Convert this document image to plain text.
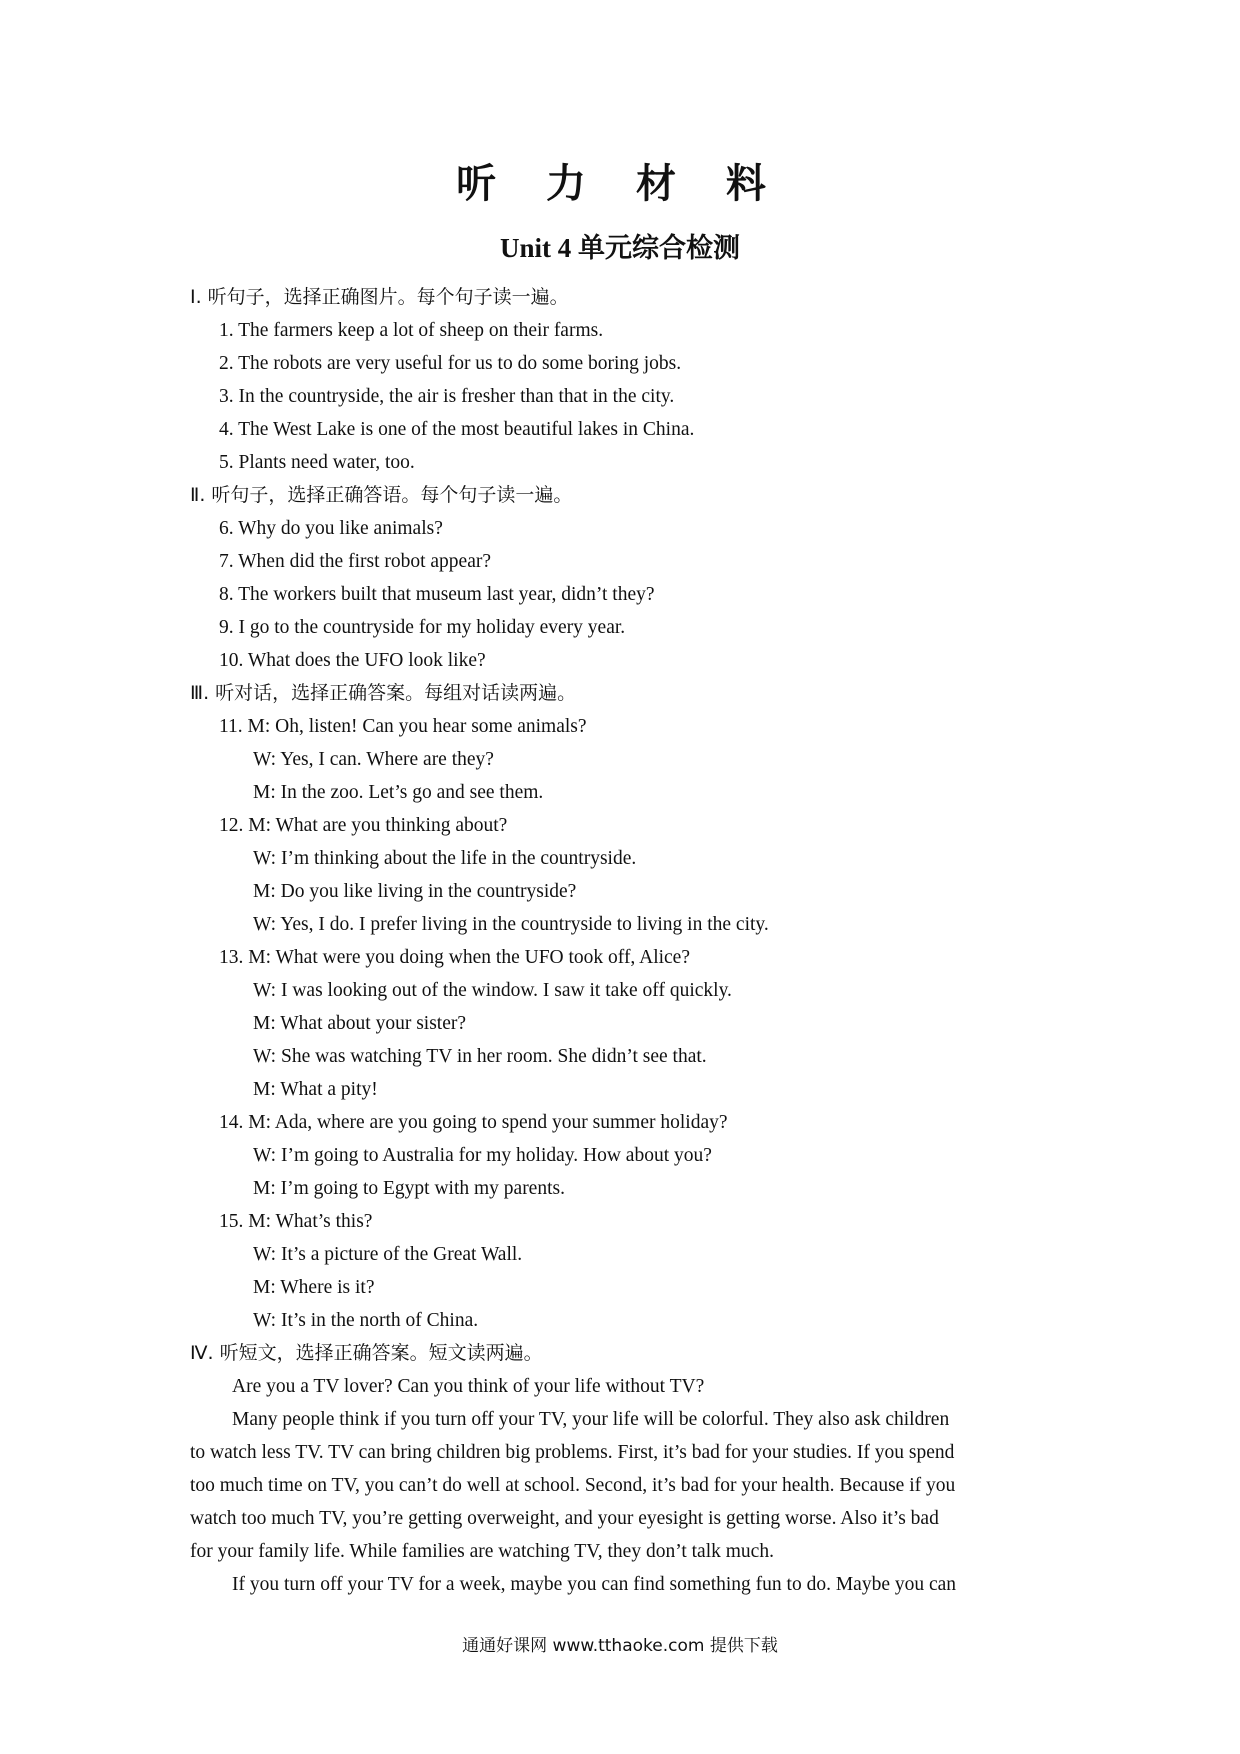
听 力 材 料
Unit 4 单元综合检测
Ⅰ. 听句子，选择正确图片。每个句子读一遍。
1. The farmers keep a lot of sheep on their farms.
2. The robots are very useful for us to do some boring jobs.
3. In the countryside, the air is fresher than that in the city.
4. The West Lake is one of the most beautiful lakes in China.
5. Plants need water, too.
Ⅱ. 听句子，选择正确答语。每个句子读一遍。
6. Why do you like animals?
7. When did the first robot appear?
8. The workers built that museum last year, didn’t they?
9. I go to the countryside for my holiday every year.
10. What does the UFO look like?
Ⅲ. 听对话，选择正确答案。每组对话读两遍。
11. M: Oh, listen! Can you hear some animals?
W: Yes, I can. Where are they?
M: In the zoo. Let’s go and see them.
12. M: What are you thinking about?
W: I’m thinking about the life in the countryside.
M: Do you like living in the countryside?
W: Yes, I do. I prefer living in the countryside to living in the city.
13. M: What were you doing when the UFO took off, Alice?
W: I was looking out of the window. I saw it take off quickly.
M: What about your sister?
W: She was watching TV in her room. She didn’t see that.
M: What a pity!
14. M: Ada, where are you going to spend your summer holiday?
W: I’m going to Australia for my holiday. How about you?
M: I’m going to Egypt with my parents.
15. M: What’s this?
W: It’s a picture of the Great Wall.
M: Where is it?
W: It’s in the north of China.
Ⅳ. 听短文，选择正确答案。短文读两遍。
Are you a TV lover? Can you think of your life without TV?
Many people think if you turn off your TV, your life will be colorful. They also ask children
to watch less TV. TV can bring children big problems. First, it’s bad for your studies. If you spend
too much time on TV, you can’t do well at school. Second, it’s bad for your health. Because if you
watch too much TV, you’re getting overweight, and your eyesight is getting worse. Also it’s bad
for your family life. While families are watching TV, they don’t talk much.
If you turn off your TV for a week, maybe you can find something fun to do. Maybe you can
通通好课网 www.tthaoke.com 提供下载
